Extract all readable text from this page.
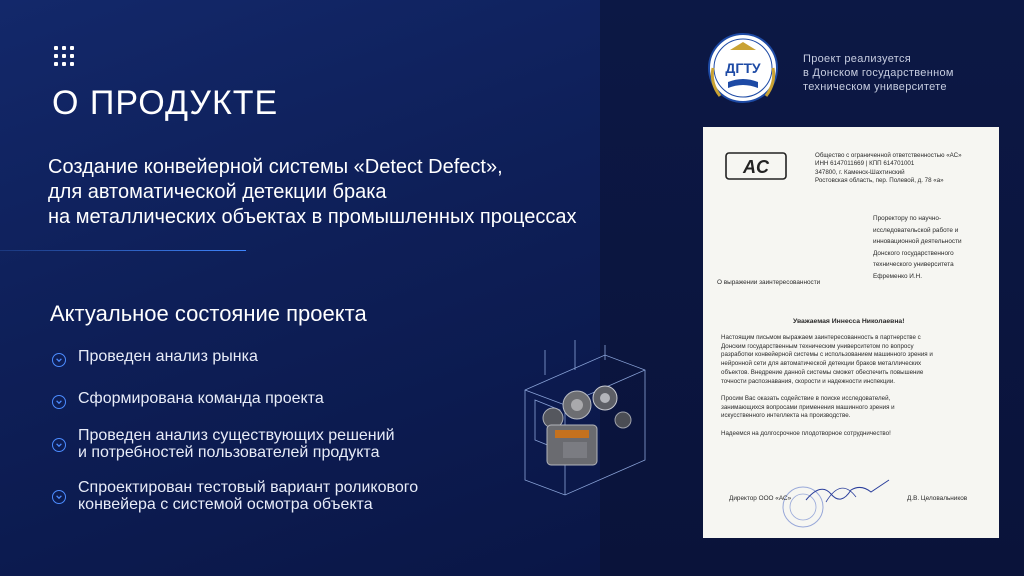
О ПРОДУКТЕ
Создание конвейерной системы «Detect Defect»,
для автоматической детекции брака
на металлических объектах в промышленных процессах
Актуальное состояние проекта
Проведен анализ рынка
Сформирована команда проекта
Проведен анализ существующих решений
и потребностей пользователей продукта
Спроектирован тестовый вариант роликового
конвейера с системой осмотра объекта
ДГТУ
Проект реализуется
в Донском государственном
техническом университете
AC
Общество с ограниченной ответственностью «АС»
ИНН 6147011669 | КПП 614701001
347800, г. Каменск-Шахтинский
Ростовская область, пер. Полевой, д. 78 «а»
Проректору по научно-
исследовательской работе и
инновационной деятельности
Донского государственного
технического университета
Ефременко И.Н.
О выражении заинтересованности
Уважаемая Иннесса Николаевна!
Настоящим письмом выражаем заинтересованность в партнерстве с
Донским государственным техническим университетом по вопросу
разработки конвейерной системы с использованием машинного зрения и
нейронной сети для автоматической детекции браков металлических
объектов. Внедрение данной системы сможет обеспечить повышение
точности распознавания, скорости и надежности инспекции.

Просим Вас оказать содействие в поиске исследователей,
занимающихся вопросами применения машинного зрения и
искусственного интеллекта на производстве.

Надеемся на долгосрочное плодотворное сотрудничество!
Директор ООО «АС»	Д.В. Целовальников
